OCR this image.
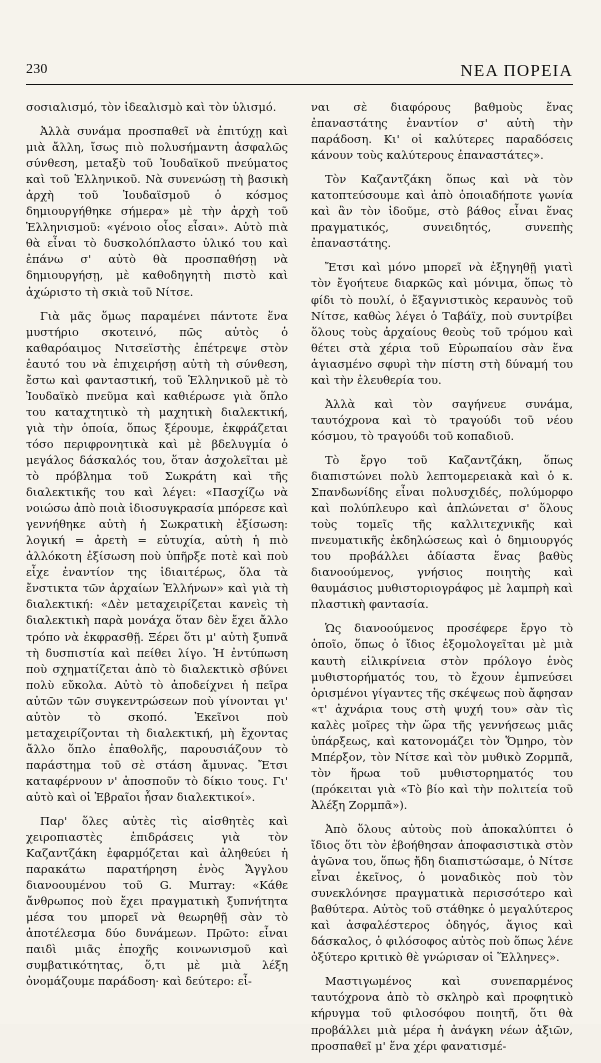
230	ΝΕΑ ΠΟΡΕΙΑ

σοσιαλισμό, τὸν ἰδεαλισμὸ καὶ τὸν ὑλισμό.

Ἀλλὰ συνάμα προσπαθεῖ νὰ ἐπιτύχῃ καὶ μιὰ ἄλλη, ἴσως πιὸ πολυσήμαντη ἀσφαλῶς σύνθεση, μεταξὺ τοῦ Ἰουδαϊκοῦ πνεύματος καὶ τοῦ Ἑλληνικοῦ. Νὰ συνενώσῃ τὴ βασικὴ ἀρχὴ τοῦ Ἰουδαϊσμοῦ ὁ κόσμος δημιουργήθηκε σήμερα» μὲ τὴν ἀρχὴ τοῦ Ἑλληνισμοῦ: «γένοιο οἷος εἶσαι». Αὐτὸ πιὰ θὰ εἶναι τὸ δυσκολόπλαστο ὑλικό του καὶ ἐπάνω σ' αὐτὸ θὰ προσπαθήσῃ νὰ δημιουργήσῃ, μὲ καθοδηγητὴ πιστὸ καὶ ἀχώριστο τὴ σκιὰ τοῦ Νίτσε.

Γιὰ μᾶς ὅμως παραμένει πάντοτε ἕνα μυστήριο σκοτεινό, πῶς αὐτὸς ὁ καθαρόαιμος Νιτσεϊστὴς ἐπέτρεψε στὸν ἑαυτό του νὰ ἐπιχειρήσῃ αὐτὴ τὴ σύνθεση, ἔστω καὶ φανταστική, τοῦ Ἑλληνικοῦ μὲ τὸ Ἰουδαϊκὸ πνεῦμα καὶ καθιέρωσε γιὰ ὅπλο του καταχτητικὸ τὴ μαχητικὴ διαλεκτική, γιὰ τὴν ὁποία, ὅπως ξέρουμε, ἐκφράζεται τόσο περιφρονητικὰ καὶ μὲ βδελυγμία ὁ μεγάλος δάσκαλός του, ὅταν ἀσχολεῖται μὲ τὸ πρόβλημα τοῦ Σωκράτη καὶ τῆς διαλεκτικῆς του καὶ λέγει: «Πασχίζω νὰ νοιώσω ἀπὸ ποιὰ ἰδιοσυγκρασία μπόρεσε καὶ γεννήθηκε αὐτὴ ἡ Σωκρατικὴ ἐξίσωση: λογική = ἀρετὴ = εὐτυχία, αὐτὴ ἡ πιὸ ἀλλόκοτη ἐξίσωση ποὺ ὑπῆρξε ποτὲ καὶ ποὺ εἶχε ἐναντίον της ἰδιαιτέρως, ὅλα τὰ ἔνστικτα τῶν ἀρχαίων Ἑλλήνων» καὶ γιὰ τὴ διαλεκτική: «Δὲν μεταχειρίζεται κανεὶς τὴ διαλεκτικὴ παρὰ μονάχα ὅταν δὲν ἔχει ἄλλο τρόπο νὰ ἐκφρασθῇ. Ξέρει ὅτι μ' αὐτὴ ξυπνᾶ τὴ δυσπιστία καὶ πείθει λίγο. Ἡ ἐντύπωση ποὺ σχηματίζεται ἀπὸ τὸ διαλεκτικὸ σβύνει πολὺ εὔκολα. Αὐτὸ τὸ ἀποδείχνει ἡ πεῖρα αὐτῶν τῶν συγκεντρώσεων ποὺ γίνονται γι' αὐτὸν τὸ σκοπό. Ἐκεῖνοι ποὺ μεταχειρίζονται τὴ διαλεκτική, μὴ ἔχοντας ἄλλο ὅπλο ἐπαθολῆς, παρουσιάζουν τὸ παράστημα τοῦ σὲ στάση ἄμυνας. Ἔτσι καταφέρνουν ν' ἀποσποῦν τὸ δίκιο τους. Γι' αὐτὸ καὶ οἱ Ἑβραῖοι ἦσαν διαλεκτικοί».

Παρ' ὅλες αὐτὲς τὶς αἰσθητὲς καὶ χειροπιαστὲς ἐπιδράσεις γιὰ τὸν Καζαντζάκη ἐφαρμόζεται καὶ ἀληθεύει ἡ παρακάτω παρατήρηση ἑνὸς Ἄγγλου διανοουμένου τοῦ G. Murray: «Κάθε ἄνθρωπος ποὺ ἔχει πραγματικὴ ξυπνήτητα μέσα του μπορεῖ νὰ θεωρηθῇ σὰν τὸ ἀποτέλεσμα δύο δυνάμεων. Πρῶτο: εἶναι παιδὶ μιᾶς ἐποχῆς κοινωνισμοῦ καὶ συμβατικότητας, ὅ,τι μὲ μιὰ λέξη ὀνομάζουμε παράδοση· καὶ δεύτερο: εἶ-

ναι σὲ διαφόρους βαθμοὺς ἕνας ἐπαναστάτης ἐναντίον σ' αὐτὴ τὴν παράδοση. Κι' οἱ καλύτερες παραδόσεις κάνουν τοὺς καλύτερους ἐπαναστάτες».

Τὸν Καζαντζάκη ὅπως καὶ νὰ τὸν κατοπτεύσουμε καὶ ἀπὸ ὁποιαδήποτε γωνία καὶ ἂν τὸν ἰδοῦμε, στὸ βάθος εἶναι ἕνας πραγματικός, συνειδητός, συνεπὴς ἐπαναστάτης.

Ἔτσι καὶ μόνο μπορεῖ νὰ ἐξηγηθῇ γιατὶ τὸν ἔγοήτευε διαρκῶς καὶ μόνιμα, ὅπως τὸ φίδι τὸ πουλί, ὁ ἔξαγνιστικὸς κεραυνὸς τοῦ Νίτσε, καθὼς λέγει ὁ Ταβάϊχ, ποὺ συντρίβει ὅλους τοὺς ἀρχαίους θεοὺς τοῦ τρόμου καὶ θέτει στὰ χέρια τοῦ Εὐρωπαίου σὰν ἕνα ἁγιασμένο σφυρὶ τὴν πίστη στὴ δύναμή του καὶ τὴν ἐλευθερία του.

Ἀλλὰ καὶ τὸν σαγήνευε συνάμα, ταυτόχρονα καὶ τὸ τραγούδι τοῦ νέου κόσμου, τὸ τραγούδι τοῦ κοπαδιοῦ.

Τὸ ἔργο τοῦ Καζαντζάκη, ὅπως διαπιστώνει πολὺ λεπτομερειακὰ καὶ ὁ κ. Σπανδωνίδης εἶναι πολυσχιδές, πολύμορφο καὶ πολύπλευρο καὶ ἁπλώνεται σ' ὅλους τοὺς τομεῖς τῆς καλλιτεχνικῆς καὶ πνευματικῆς ἐκδηλώσεως καὶ ὁ δημιουργός του προβάλλει ἀδίαστα ἕνας βαθὺς διανοούμενος, γνήσιος ποιητὴς καὶ θαυμάσιος μυθιστοριογράφος μὲ λαμπρὴ καὶ πλαστικὴ φαντασία.

Ὡς διανοούμενος προσέφερε ἔργο τὸ ὁποῖο, ὅπως ὁ ἴδιος ἐξομολογεῖται μὲ μιὰ καυτὴ εἰλικρίνεια στὸν πρόλογο ἑνὸς μυθιστορήματός του, τὸ ἔχουν ἐμπνεύσει ὁρισμένοι γίγαντες τῆς σκέψεως ποὺ ἄφησαν «τ' ἀχνάρια τους στὴ ψυχή του» σὰν τὶς καλὲς μοῖρες τὴν ὥρα τῆς γεννήσεως μιᾶς ὑπάρξεως, καὶ κατονομάζει τὸν Ὅμηρο, τὸν Μπέρξον, τὸν Νίτσε καὶ τὸν μυθικὸ Ζορμπᾶ, τὸν ἥρωα τοῦ μυθιστορηματός του (πρόκειται γιὰ «Τὸ βίο καὶ τὴν πολιτεία τοῦ Ἀλέξη Ζορμπᾶ»).

Ἀπὸ ὅλους αὐτοὺς ποὺ ἀποκαλύπτει ὁ ἴδιος ὅτι τὸν ἐβοήθησαν ἀποφασιστικὰ στὸν ἀγῶνα του, ὅπως ἤδη διαπιστώσαμε, ὁ Νίτσε εἶναι ἐκεῖνος, ὁ μοναδικὸς ποὺ τὸν συνεκλόνησε πραγματικὰ περισσότερο καὶ βαθύτερα. Αὐτὸς τοῦ στάθηκε ὁ μεγαλύτερος καὶ ἀσφαλέστερος ὁδηγός, ἅγιος καὶ δάσκαλος, ὁ φιλόσοφος αὐτὸς ποὺ ὅπως λένε ὀξύτερο κριτικὸ θὲ γνώρισαν οἱ Ἕλληνες».

Μαστιγωμένος καὶ συνεπαρμένος ταυτόχρονα ἀπὸ τὸ σκληρὸ καὶ προφητικὸ κήρυγμα τοῦ φιλοσόφου ποιητῆ, ὅτι θὰ προβάλλει μιὰ μέρα ἡ ἀνάγκη νέων ἀξιῶν, προσπαθεῖ μ' ἕνα χέρι φανατισμέ-
